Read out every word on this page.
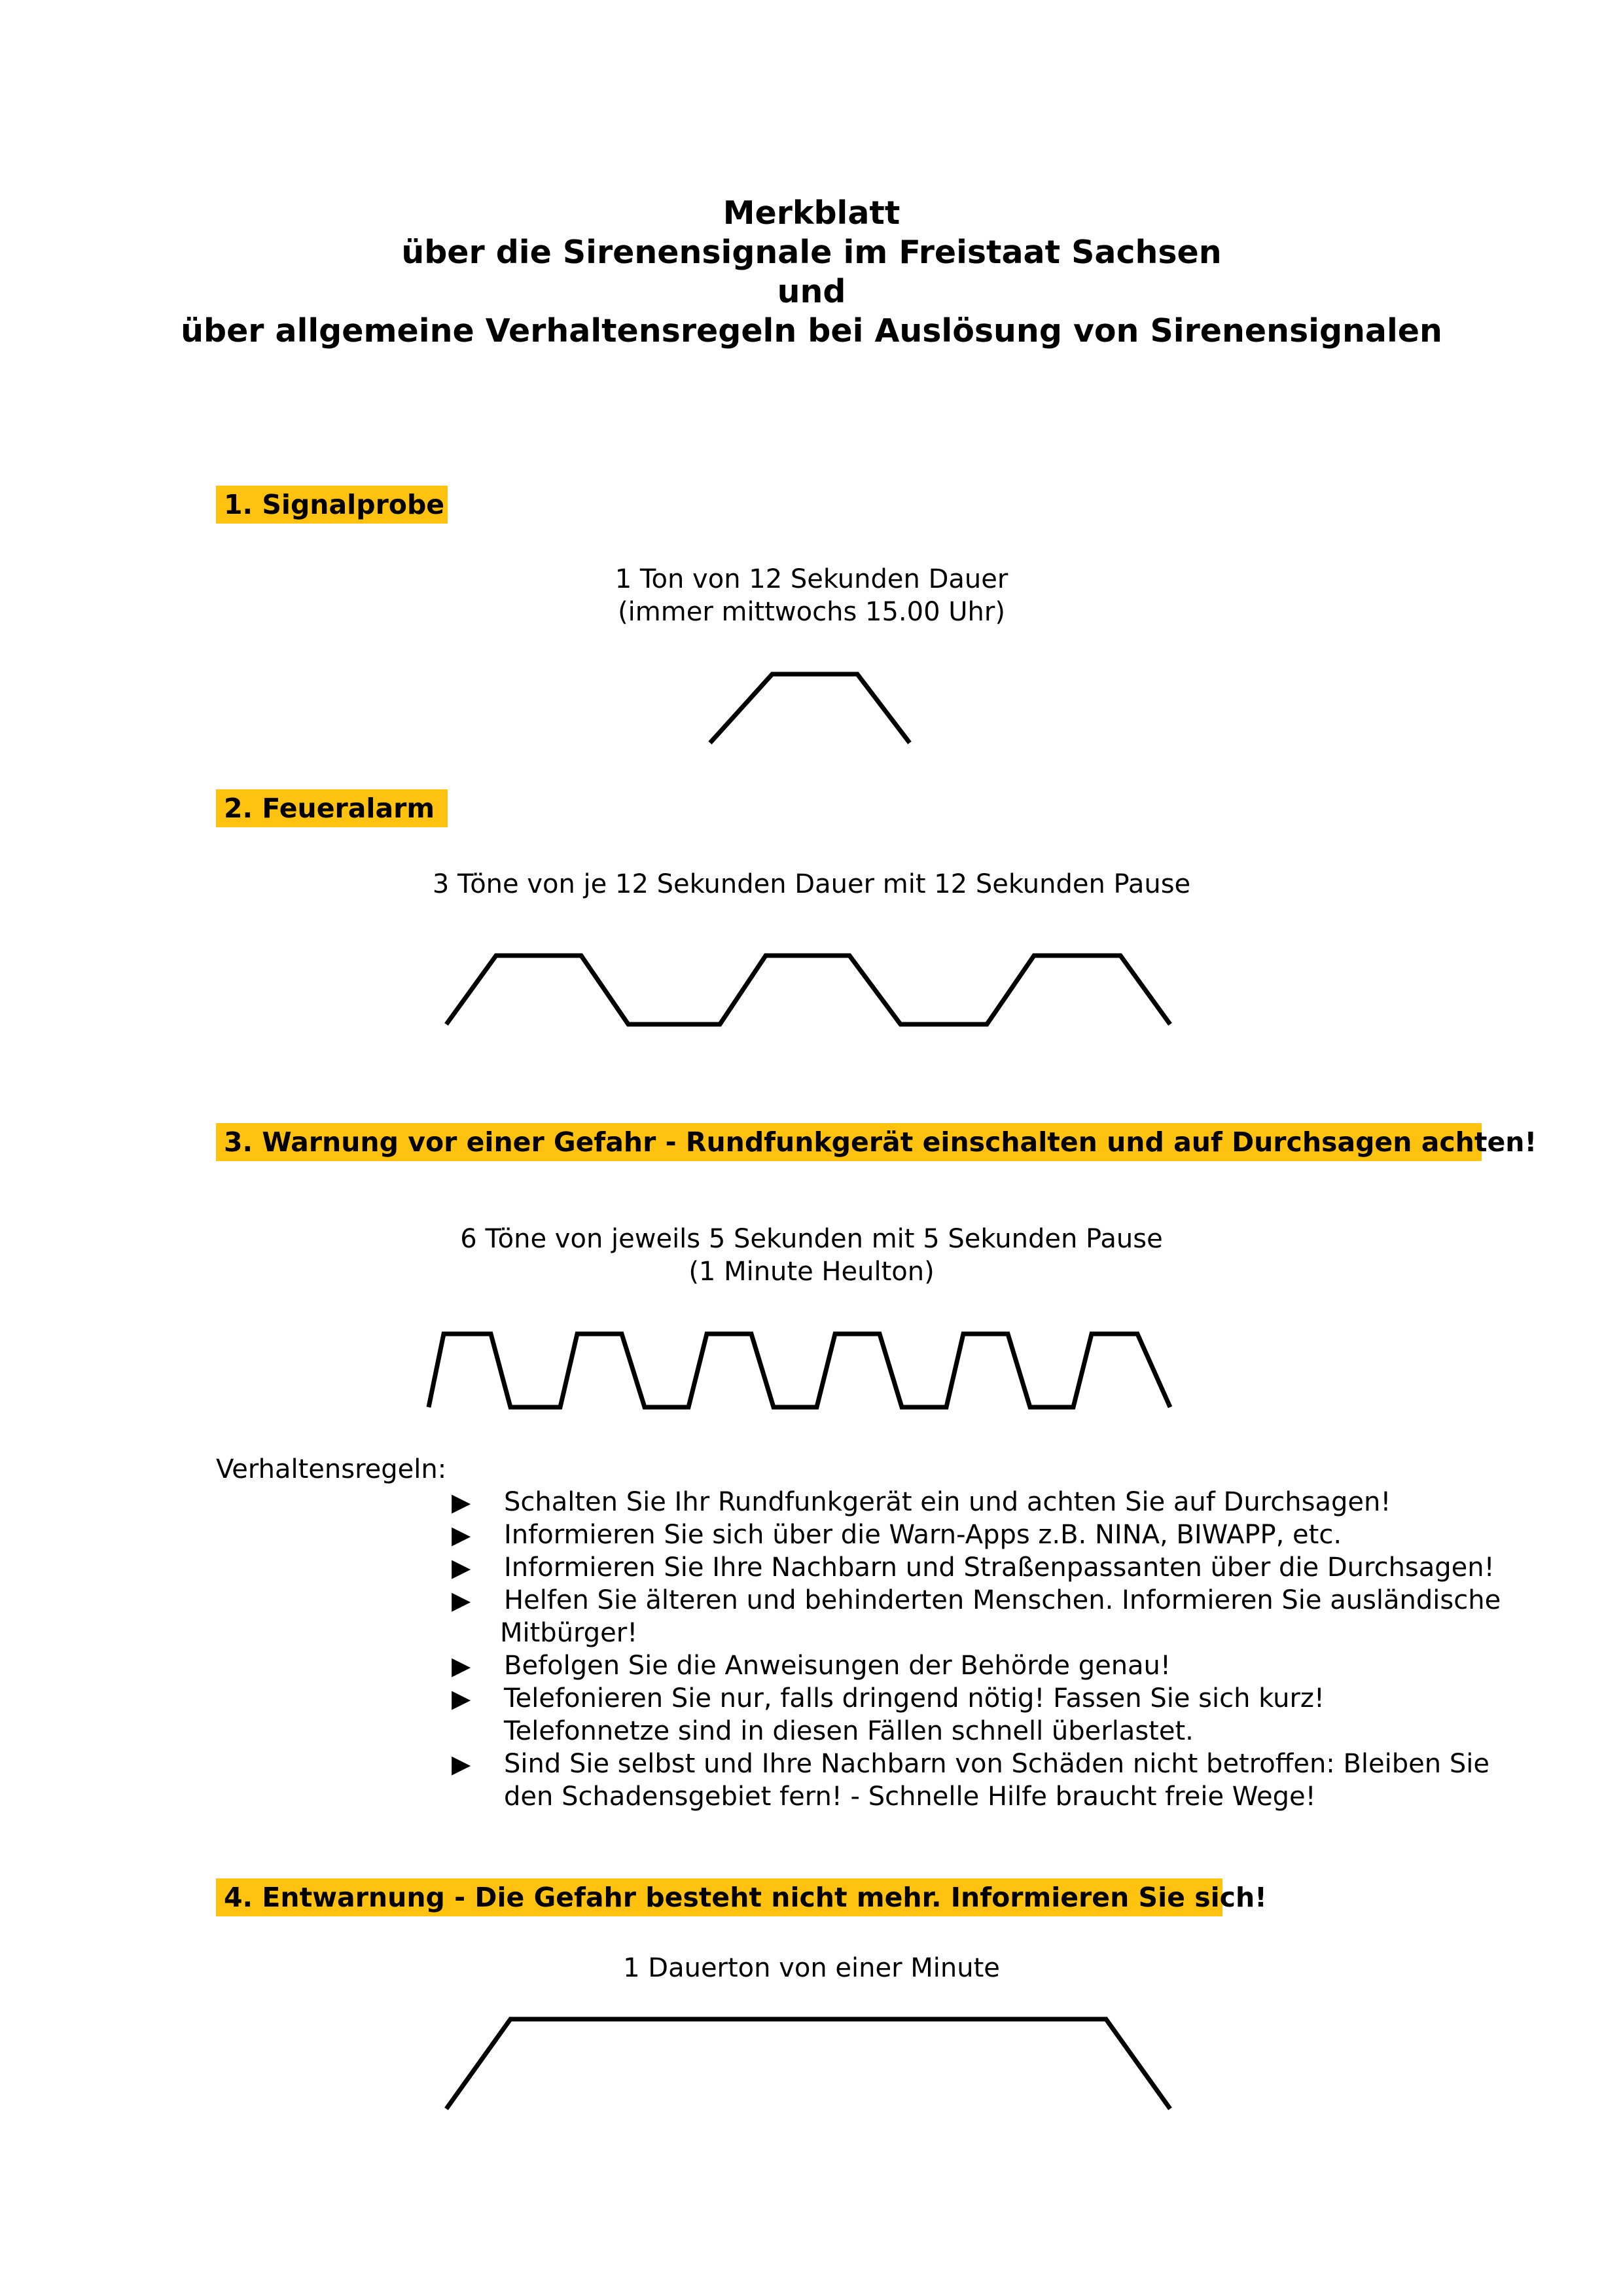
Merkblatt
über die Sirenensignale im Freistaat Sachsen
und
über allgemeine Verhaltensregeln bei Auslösung von Sirenensignalen
1. Signalprobe
1 Ton von 12 Sekunden Dauer
(immer mittwochs 15.00 Uhr)
2. Feueralarm
3 Töne von je 12 Sekunden Dauer mit 12 Sekunden Pause
3. Warnung vor einer Gefahr - Rundfunkgerät einschalten und auf Durchsagen achten!
6 Töne von jeweils 5 Sekunden mit 5 Sekunden Pause
(1 Minute Heulton)
Verhaltensregeln:
▶ Schalten Sie Ihr Rundfunkgerät ein und achten Sie auf Durchsagen!
▶ Informieren Sie sich über die Warn-Apps z.B. NINA, BIWAPP, etc.
▶ Informieren Sie Ihre Nachbarn und Straßenpassanten über die Durchsagen!
▶ Helfen Sie älteren und behinderten Menschen. Informieren Sie ausländische
Mitbürger!
▶ Befolgen Sie die Anweisungen der Behörde genau!
▶ Telefonieren Sie nur, falls dringend nötig! Fassen Sie sich kurz!
Telefonnetze sind in diesen Fällen schnell überlastet.
▶ Sind Sie selbst und Ihre Nachbarn von Schäden nicht betroffen: Bleiben Sie
den Schadensgebiet fern! - Schnelle Hilfe braucht freie Wege!
4. Entwarnung - Die Gefahr besteht nicht mehr. Informieren Sie sich!
1 Dauerton von einer Minute
